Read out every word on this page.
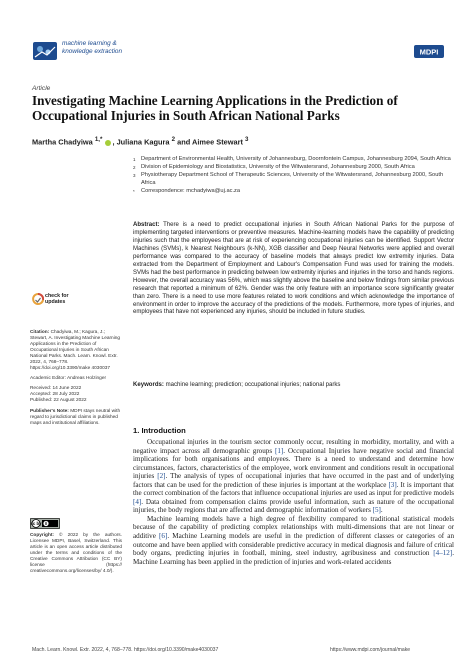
machine learning &
knowledge extraction	MDPI
Article
Investigating Machine Learning Applications in the Prediction of Occupational Injuries in South African National Parks
Martha Chadyiwa $^{1,*}$ , Juliana Kagura $^2$ and Aimee Stewart $^3$
1 Department of Environmental Health, University of Johannesburg, Doornfontein Campus, Johannesburg 2094, South Africa
2 Division of Epidemiology and Biostatistics, University of the Witwatersrand, Johannesburg 2000, South Africa
3 Physiotherapy Department School of Therapeutic Sciences, University of the Witwatersrand, Johannesburg 2000, South Africa
* Correspondence: mchadyiwa@uj.ac.za
Abstract: There is a need to predict occupational injuries in South African National Parks for the purpose of implementing targeted interventions or preventive measures. Machine-learning models have the capability of predicting injuries such that the employees that are at risk of experiencing occupational injuries can be identified. Support Vector Machines (SVMs), k Nearest Neighbours (k-NN), XGB classifier and Deep Neural Networks were applied and overall performance was compared to the accuracy of baseline models that always predict low extremity injuries. Data extracted from the Department of Employment and Labour's Compensation Fund was used for training the models. SVMs had the best performance in predicting between low extremity injuries and injuries in the torso and hands regions. However, the overall accuracy was 56%, which was slightly above the baseline and below findings from similar previous research that reported a minimum of 62%. Gender was the only feature with an importance score significantly greater than zero. There is a need to use more features related to work conditions and which acknowledge the importance of environment in order to improve the accuracy of the predictions of the models. Furthermore, more types of injuries, and employees that have not experienced any injuries, should be included in future studies.
Keywords: machine learning; prediction; occupational injuries; national parks
check for
updates

Citation: Chadyiwa, M.; Kagura, J.; Stewart, A. Investigating Machine Learning Applications in the Prediction of Occupational Injuries in South African National Parks. Mach. Learn. Knowl. Extr. 2022, 4, 768–778. https://doi.org/10.3390/make 4030037

Academic Editor: Andreas Holzinger

Received: 14 June 2022
Accepted: 28 July 2022
Published: 22 August 2022

Publisher's Note: MDPI stays neutral with regard to jurisdictional claims in published maps and institutional affiliations.

cc by
Copyright: © 2022 by the authors. Licensee MDPI, Basel, Switzerland. This article is an open access article distributed under the terms and conditions of the Creative Commons Attribution (CC BY) license (https:// creativecommons.org/licenses/by/ 4.0/).
1. Introduction

Occupational injuries in the tourism sector commonly occur, resulting in morbidity, mortality, and with a negative impact across all demographic groups [1]. Occupational Injuries have negative social and financial implications for both organisations and employees. There is a need to understand and determine how circumstances, factors, characteristics of the employee, work environment and conditions result in occupational injuries [2]. The analysis of types of occupational injuries that have occurred in the past and of underlying factors that can be used for the prediction of these injuries is important at the workplace [3]. It is important that the correct combination of the factors that influence occupational injuries are used as input for predictive models [4]. Data obtained from compensation claims provide useful information, such as nature of the occupational injuries, the body regions that are affected and demographic information of workers [5].

Machine learning models have a high degree of flexibility compared to traditional statistical models because of the capability of predicting complex relationships with multi-dimensions that are not linear or additive [6]. Machine Learning models are useful in the prediction of different classes or categories of an outcome and have been applied with considerable predictive accuracy in medical diagnosis and failure of critical body organs, predicting injuries in football, mining, steel industry, agribusiness and construction [4–12]. Machine Learning has been applied in the prediction of injuries and work-related accidents

Mach. Learn. Knowl. Extr. 2022, 4, 768–778. https://doi.org/10.3390/make4030037	https://www.mdpi.com/journal/make
